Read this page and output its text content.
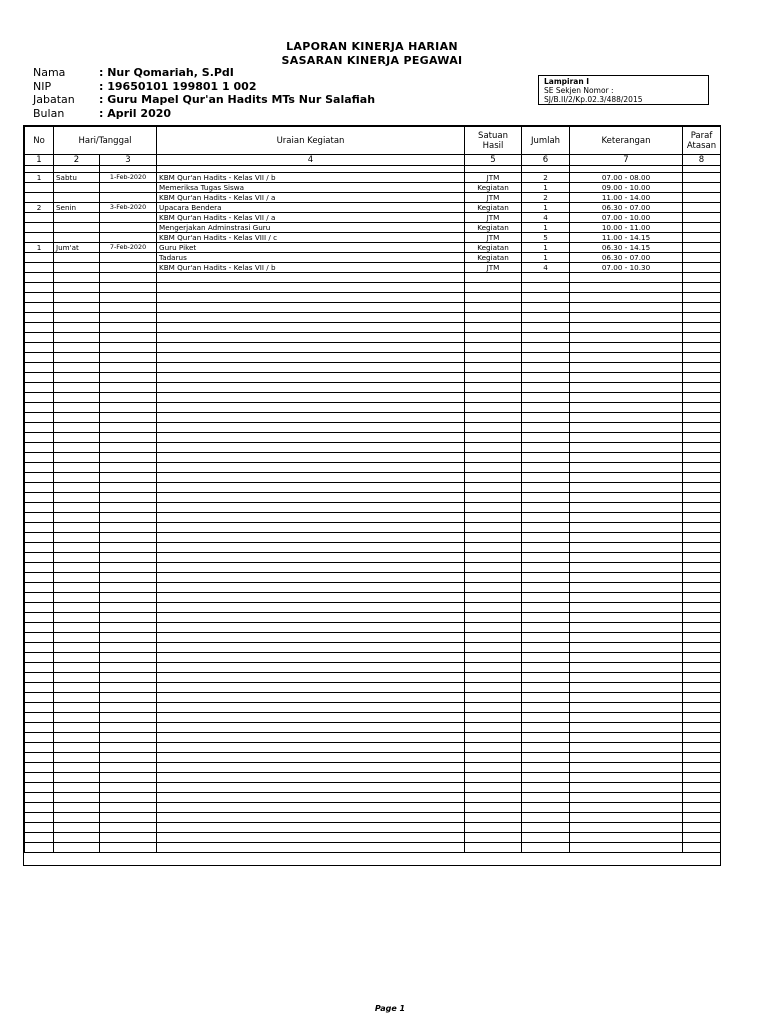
LAPORAN KINERJA HARIAN
SASARAN KINERJA PEGAWAI
Nama	: Nur Qomariah, S.PdI
NIP	: 19650101 199801 1 002
Jabatan : Guru Mapel Qur'an Hadits MTs Nur Salafiah
Bulan	: April 2020
Lampiran I
SE Sekjen Nomor :
SJ/B.II/2/Kp.02.3/488/2015
No	Hari/Tanggal		Uraian Kegiatan	Satuan Hasil	Jumlah	Keterangan	Paraf Atasan
1	2	3	4	5	6	7	8

1	Sabtu	1-Feb-2020	KBM Qur'an Hadits - Kelas VII / b	JTM	2	07.00 - 08.00	
			Memeriksa Tugas Siswa	Kegiatan	1	09.00 - 10.00	
			KBM Qur'an Hadits - Kelas VII / a	JTM	2	11.00 - 14.00	
2	Senin	3-Feb-2020	Upacara Bendera	Kegiatan	1	06.30 - 07.00	
			KBM Qur'an Hadits - Kelas VII / a	JTM	4	07.00 - 10.00	
			Mengerjakan Adminstrasi Guru	Kegiatan	1	10.00 - 11.00	
			KBM Qur'an Hadits - Kelas VIII / c	JTM	5	11.00 - 14.15	
1	Jum'at	7-Feb-2020	Guru Piket	Kegiatan	1	06.30 - 14.15	
			Tadarus	Kegiatan	1	06.30 - 07.00	
			KBM Qur'an Hadits - Kelas VII / b	JTM	4	07.00 - 10.30	

Page 1
